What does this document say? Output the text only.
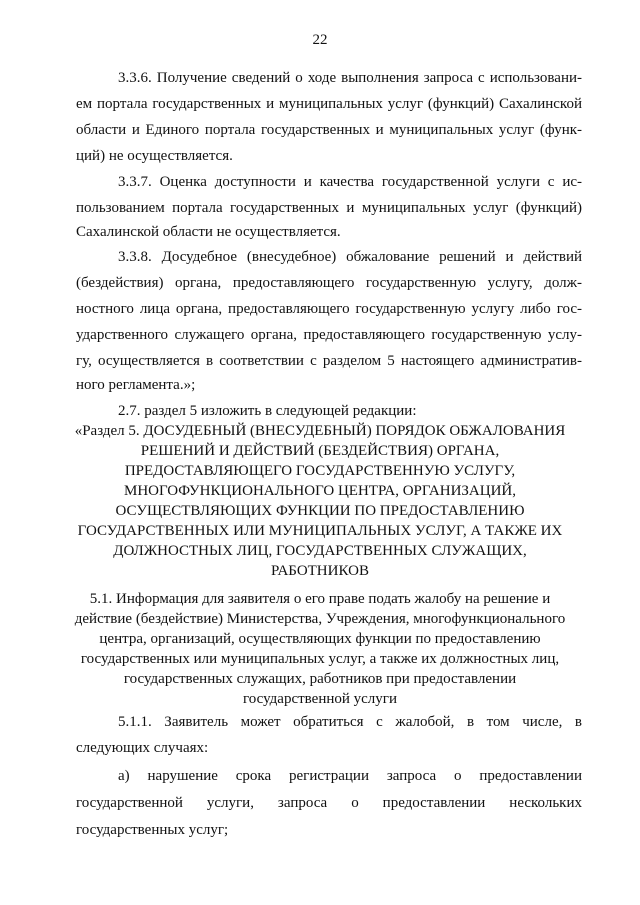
22
3.3.6. Получение сведений о ходе выполнения запроса с использовани-
ем портала государственных и муниципальных услуг (функций) Сахалинской
области и Единого портала государственных и муниципальных услуг (функ-
ций) не осуществляется.
3.3.7. Оценка доступности и качества государственной услуги с ис-
пользованием портала государственных и муниципальных услуг (функций)
Сахалинской области не осуществляется.
3.3.8. Досудебное (внесудебное) обжалование решений и действий
(бездействия) органа, предоставляющего государственную услугу, долж-
ностного лица органа, предоставляющего государственную услугу либо гос-
ударственного служащего органа, предоставляющего государственную услу-
гу, осуществляется в соответствии с разделом 5 настоящего административ-
ного регламента.»;
2.7. раздел 5 изложить в следующей редакции:
«Раздел 5. ДОСУДЕБНЫЙ (ВНЕСУДЕБНЫЙ) ПОРЯДОК ОБЖАЛОВАНИЯ
РЕШЕНИЙ И ДЕЙСТВИЙ (БЕЗДЕЙСТВИЯ) ОРГАНА,
ПРЕДОСТАВЛЯЮЩЕГО ГОСУДАРСТВЕННУЮ УСЛУГУ,
МНОГОФУНКЦИОНАЛЬНОГО ЦЕНТРА, ОРГАНИЗАЦИЙ,
ОСУЩЕСТВЛЯЮЩИХ ФУНКЦИИ ПО ПРЕДОСТАВЛЕНИЮ
ГОСУДАРСТВЕННЫХ ИЛИ МУНИЦИПАЛЬНЫХ УСЛУГ, А ТАКЖЕ ИХ
ДОЛЖНОСТНЫХ ЛИЦ, ГОСУДАРСТВЕННЫХ СЛУЖАЩИХ,
РАБОТНИКОВ
5.1. Информация для заявителя о его праве подать жалобу на решение и
действие (бездействие) Министерства, Учреждения, многофункционального
центра, организаций, осуществляющих функции по предоставлению
государственных или муниципальных услуг, а также их должностных лиц,
государственных служащих, работников при предоставлении
государственной услуги
5.1.1. Заявитель может обратиться с жалобой, в том числе, в
следующих случаях:
а) нарушение срока регистрации запроса о предоставлении
государственной услуги, запроса о предоставлении нескольких
государственных услуг;
